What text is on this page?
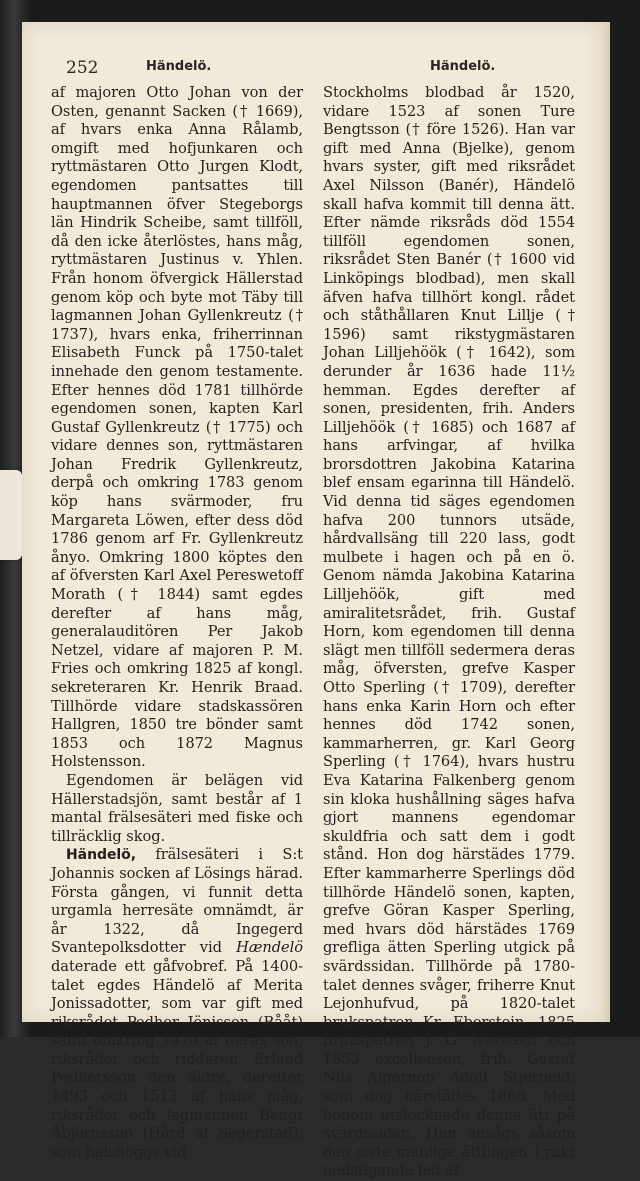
252	Händelö.	Händelö.

af majoren Otto Johan von der Osten, genannt Sacken († 1669), af hvars enka Anna Rålamb, omgift med hofjunkaren och ryttmästaren Otto Jurgen Klodt, egendomen pantsattes till hauptmannen öfver Stegeborgs län Hindrik Scheibe, samt tillföll, då den icke återlöstes, hans måg, ryttmästaren Justinus v. Yhlen. Från honom öfvergick Hällerstad genom köp och byte mot Täby till lagmannen Johan Gyllenkreutz († 1737), hvars enka, friherrinnan Elisabeth Funck på 1750-talet innehade den genom testamente. Efter hennes död 1781 tillhörde egendomen sonen, kapten Karl Gustaf Gyllenkreutz († 1775) och vidare dennes son, ryttmästaren Johan Fredrik Gyllenkreutz, derpå och omkring 1783 genom köp hans svärmoder, fru Margareta Löwen, efter dess död 1786 genom arf Fr. Gyllenkreutz ånyo. Omkring 1800 köptes den af öfversten Karl Axel Pereswetoff Morath († 1844) samt egdes derefter af hans måg, generalauditören Per Jakob Netzel, vidare af majoren P. M. Fries och omkring 1825 af kongl. sekreteraren Kr. Henrik Braad. Tillhörde vidare stadskassören Hallgren, 1850 tre bönder samt 1853 och 1872 Magnus Holstensson.

Egendomen är belägen vid Hällerstadsjön, samt består af 1 mantal frälsesäteri med fiske och tillräcklig skog.

Händelö, frälsesäteri i S:t Johannis socken af Lösings härad. Första gången, vi funnit detta urgamla herresäte omnämdt, är år 1322, då Ingegerd Svantepolksdotter vid Hændelö daterade ett gåfvobref. På 1400-talet egdes Händelö af Merita Jonissadotter, som var gift med riksrådet Pedher Jönisson (Bååt) samt omkring 1470 af deras son, riksrådet och riddaren Erland Pedhersson den äldre, derefter 1493 och 1513 af hans måg, riksrådet och lagmannen Bengt Åbjörnsson (Hård af Segerstad), som halshöggs vid

Stockholms blodbad år 1520, vidare 1523 af sonen Ture Bengtsson († före 1526). Han var gift med Anna (Bjelke), genom hvars syster, gift med riksrådet Axel Nilsson (Banér), Händelö skall hafva kommit till denna ätt. Efter nämde riksråds död 1554 tillföll egendomen sonen, riksrådet Sten Banér († 1600 vid Linköpings blodbad), men skall äfven hafva tillhört kongl. rådet och ståthållaren Knut Lillje († 1596) samt rikstygmästaren Johan Lilljehöök († 1642), som derunder år 1636 hade 11½ hemman. Egdes derefter af sonen, presidenten, frih. Anders Lilljehöök († 1685) och 1687 af hans arfvingar, af hvilka brorsdottren Jakobina Katarina blef ensam egarinna till Händelö. Vid denna tid säges egendomen hafva 200 tunnors utsäde, hårdvallsäng till 220 lass, godt mulbete i hagen och på en ö. Genom nämda Jakobina Katarina Lilljehöök, gift med amiralitetsrådet, frih. Gustaf Horn, kom egendomen till denna slägt men tillföll sedermera deras måg, öfversten, grefve Kasper Otto Sperling († 1709), derefter hans enka Karin Horn och efter hennes död 1742 sonen, kammarherren, gr. Karl Georg Sperling († 1764), hvars hustru Eva Katarina Falkenberg genom sin kloka hushållning säges hafva gjort mannens egendomar skuldfria och satt dem i godt stånd. Hon dog härstädes 1779. Efter kammarherre Sperlings död tillhörde Händelö sonen, kapten, grefve Göran Kasper Sperling, med hvars död härstädes 1769 grefliga ätten Sperling utgick på svärdssidan. Tillhörde på 1780-talet dennes svåger, friherre Knut Lejonhufvud, på 1820-talet brukspatron Kr. Eberstein, 1825 brukspatron J. G. Norstedt och 1853 excellensen, frih. Gustaf Nils Algernon Adolf Stjerneld, som dog härstädes 1868. Med honom utslocknade denna ätt på svärdssidan. Han ansågs såsom den siste manlige ättlingen i rakt nedstigande led af
